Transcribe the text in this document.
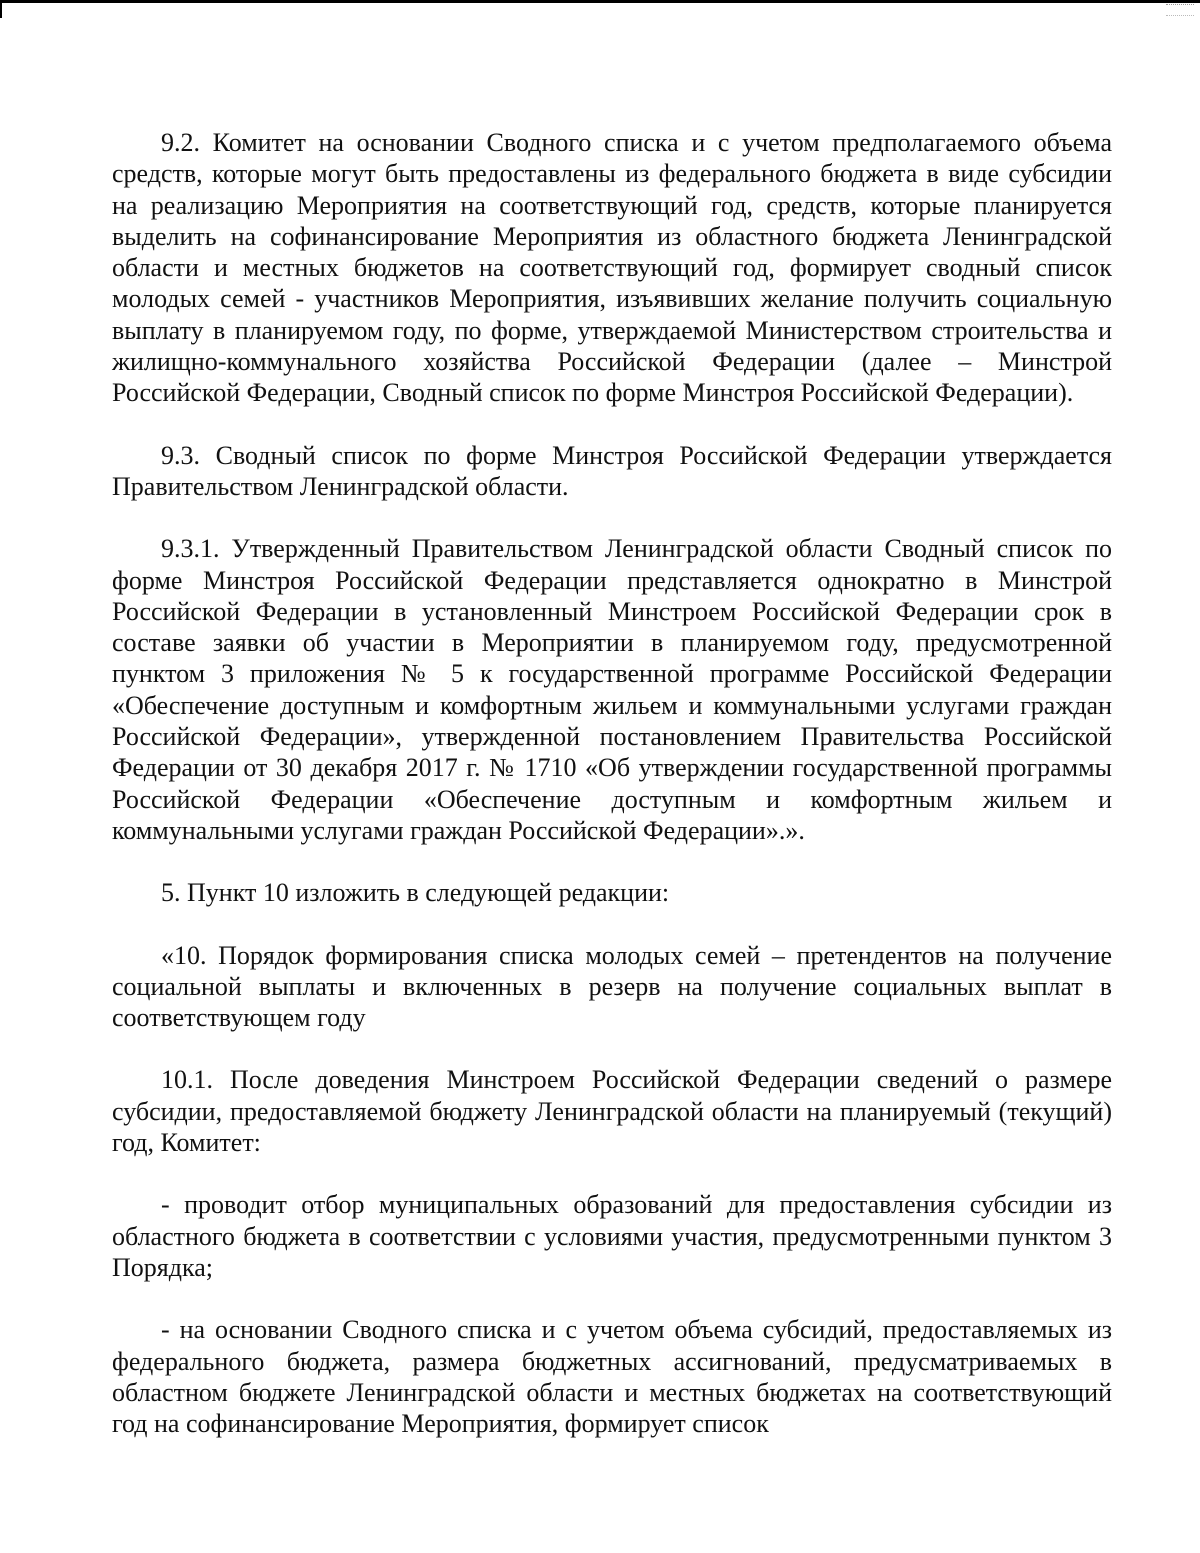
9.2. Комитет на основании Сводного списка и с учетом предполагаемого объема средств, которые могут быть предоставлены из федерального бюджета в виде субсидии на реализацию Мероприятия на соответствующий год, средств, которые планируется выделить на софинансирование Мероприятия из областного бюджета Ленинградской области и местных бюджетов на соответствующий год, формирует сводный список молодых семей - участников Мероприятия, изъявивших желание получить социальную выплату в планируемом году, по форме, утверждаемой Министерством строительства и жилищно-коммунального хозяйства Российской Федерации (далее – Минстрой Российской Федерации, Сводный список по форме Минстроя Российской Федерации).

9.3. Сводный список по форме Минстроя Российской Федерации утверждается Правительством Ленинградской области.

9.3.1. Утвержденный Правительством Ленинградской области Сводный список по форме Минстроя Российской Федерации представляется однократно в Минстрой Российской Федерации в установленный Минстроем Российской Федерации срок в составе заявки об участии в Мероприятии в планируемом году, предусмотренной пунктом 3 приложения № 5 к государственной программе Российской Федерации «Обеспечение доступным и комфортным жильем и коммунальными услугами граждан Российской Федерации», утвержденной постановлением Правительства Российской Федерации от 30 декабря 2017 г. № 1710 «Об утверждении государственной программы Российской Федерации «Обеспечение доступным и комфортным жильем и коммунальными услугами граждан Российской Федерации».».

5. Пункт 10 изложить в следующей редакции:

«10. Порядок формирования списка молодых семей – претендентов на получение социальной выплаты и включенных в резерв на получение социальных выплат в соответствующем году

10.1. После доведения Минстроем Российской Федерации сведений о размере субсидии, предоставляемой бюджету Ленинградской области на планируемый (текущий) год, Комитет:

- проводит отбор муниципальных образований для предоставления субсидии из областного бюджета в соответствии с условиями участия, предусмотренными пунктом 3 Порядка;

- на основании Сводного списка и с учетом объема субсидий, предоставляемых из федерального бюджета, размера бюджетных ассигнований, предусматриваемых в областном бюджете Ленинградской области и местных бюджетах на соответствующий год на софинансирование Мероприятия, формирует список
